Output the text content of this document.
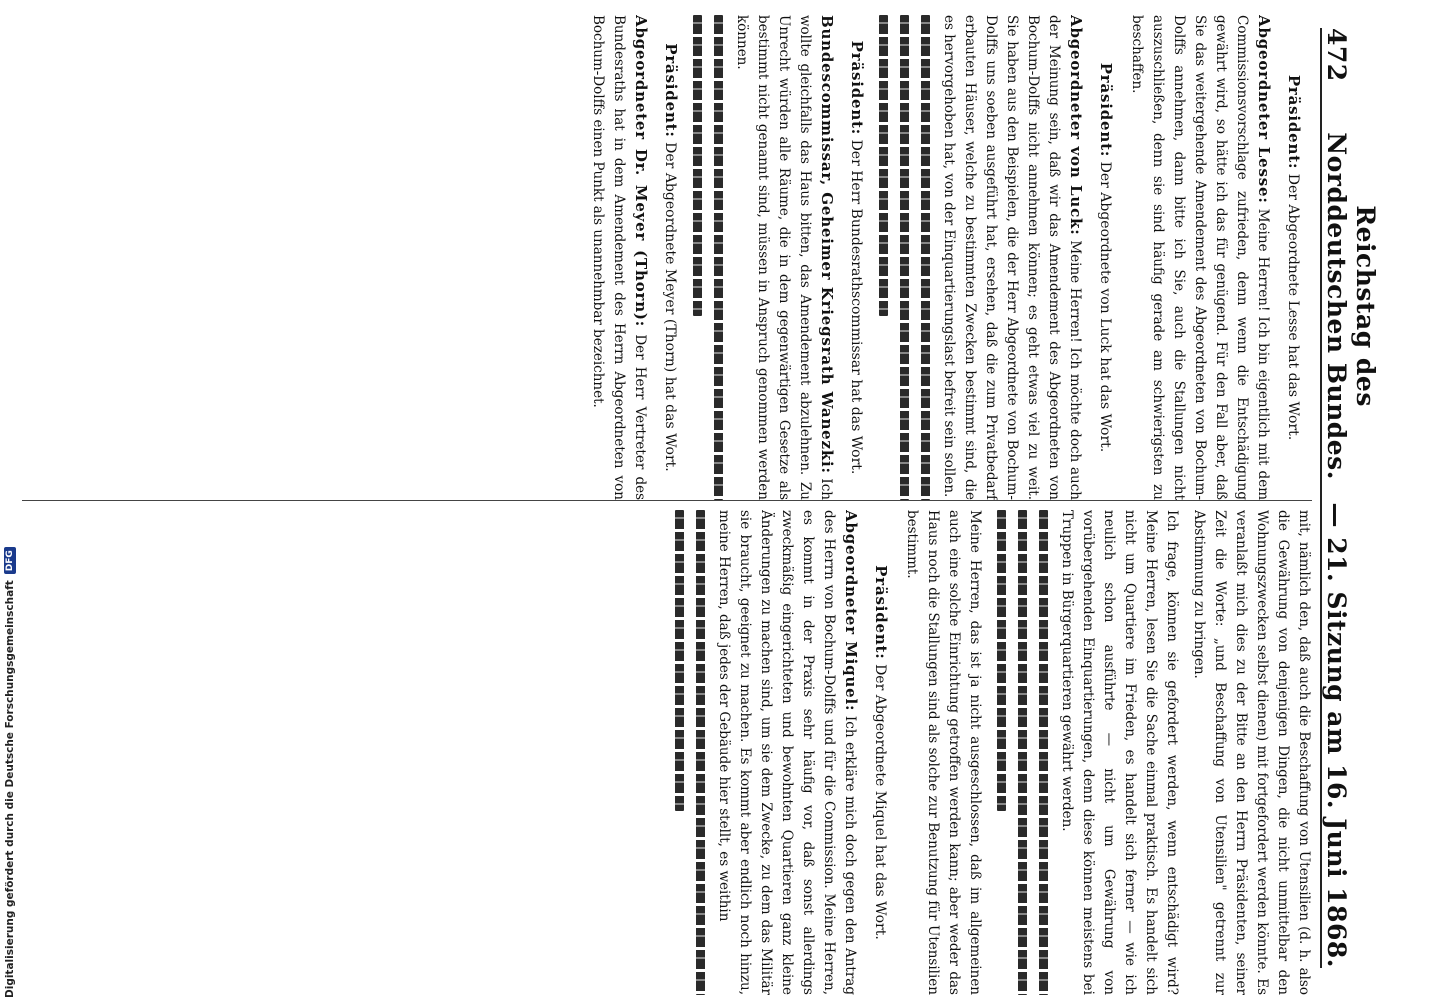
472
Reichstag des Norddeutschen Bundes.
— 21. Sitzung am 16. Juni 1868.

Präsident: Der Abgeordnete Lesse hat das Wort.

Abgeordneter Lesse: Meine Herren! Ich bin eigentlich mit dem Commissionsvorschlage zufrieden, denn wenn die Entschädigung gewährt wird, so hätte ich das für genügend. Für den Fall aber, daß Sie das weitergehende Amendement des Abgeordneten von Bochum-Dolffs annehmen, dann bitte ich Sie, auch die Stallungen nicht auszuschließen, denn sie sind häufig gerade am schwierigsten zu beschaffen.

Präsident: Der Abgeordnete von Luck hat das Wort.

Abgeordneter von Luck: Meine Herren! Ich möchte doch auch der Meinung sein, daß wir das Amendement des Abgeordneten von Bochum-Dolffs nicht annehmen können; es geht etwas viel zu weit. Sie haben aus den Beispielen, die der Herr Abgeordnete von Bochum-Dolffs uns soeben ausgeführt hat, ersehen, daß die zum Privatbedarf erbauten Häuser, welche zu bestimmten Zwecken bestimmt sind, die es hervorgehoben hat, von der Einquartierungslast befreit sein sollen.

Präsident: Der Herr Bundesrathscommissar hat das Wort.

Bundescommissar, Geheimer Kriegsrath Wanezki: Ich wollte gleichfalls das Haus bitten, das Amendement abzulehnen. Zu Unrecht würden alle Räume, die in dem gegenwärtigen Gesetze als bestimmt nicht genannt sind, müssen in Anspruch genommen werden können.

Präsident: Der Abgeordnete Meyer (Thorn) hat das Wort.

Abgeordneter Dr. Meyer (Thorn): Der Herr Vertreter des Bundesraths hat in dem Amendement des Herrn Abgeordneten von Bochum-Dolffs einen Punkt als unannehmbar bezeichnet.

mit, nämlich den, daß auch die Beschaffung von Utensilien (d. h. also die Gewährung von denjenigen Dingen, die nicht unmittelbar den Wohnungszwecken selbst dienen) mit fortgefordert werden könnte. Es veranlaßt mich dies zu der Bitte an den Herrn Präsidenten, seiner Zeit die Worte: „und Beschaffung von Utensilien" getrennt zur Abstimmung zu bringen.

Ich frage, können sie gefordert werden, wenn entschädigt wird? Meine Herren, lesen Sie die Sache einmal praktisch. Es handelt sich nicht um Quartiere im Frieden, es handelt sich ferner — wie ich neulich schon ausführte — nicht um Gewährung von vorübergehenden Einquartierungen, denn diese können meistens bei Truppen in Bürgerquartieren gewährt werden.

Meine Herren, das ist ja nicht ausgeschlossen, daß im allgemeinen auch eine solche Einrichtung getroffen werden kann; aber weder das Haus noch die Stallungen sind als solche zur Benutzung für Utensilien bestimmt.

Präsident: Der Abgeordnete Miquel hat das Wort.

Abgeordneter Miquel: Ich erkläre mich doch gegen den Antrag des Herrn von Bochum-Dolffs und für die Commission. Meine Herren, es kommt in der Praxis sehr häufig vor, daß sonst allerdings zweckmäßig eingerichteten und bewohnten Quartieren ganz kleine Änderungen zu machen sind, um sie dem Zwecke, zu dem das Militär sie braucht, geeignet zu machen. Es kommt aber endlich noch hinzu, meine Herren, daß jedes der Gebäude hier stellt, es weithin

Digitalisierung gefördert durch die Deutsche Forschungsgemeinschaft
DFG
